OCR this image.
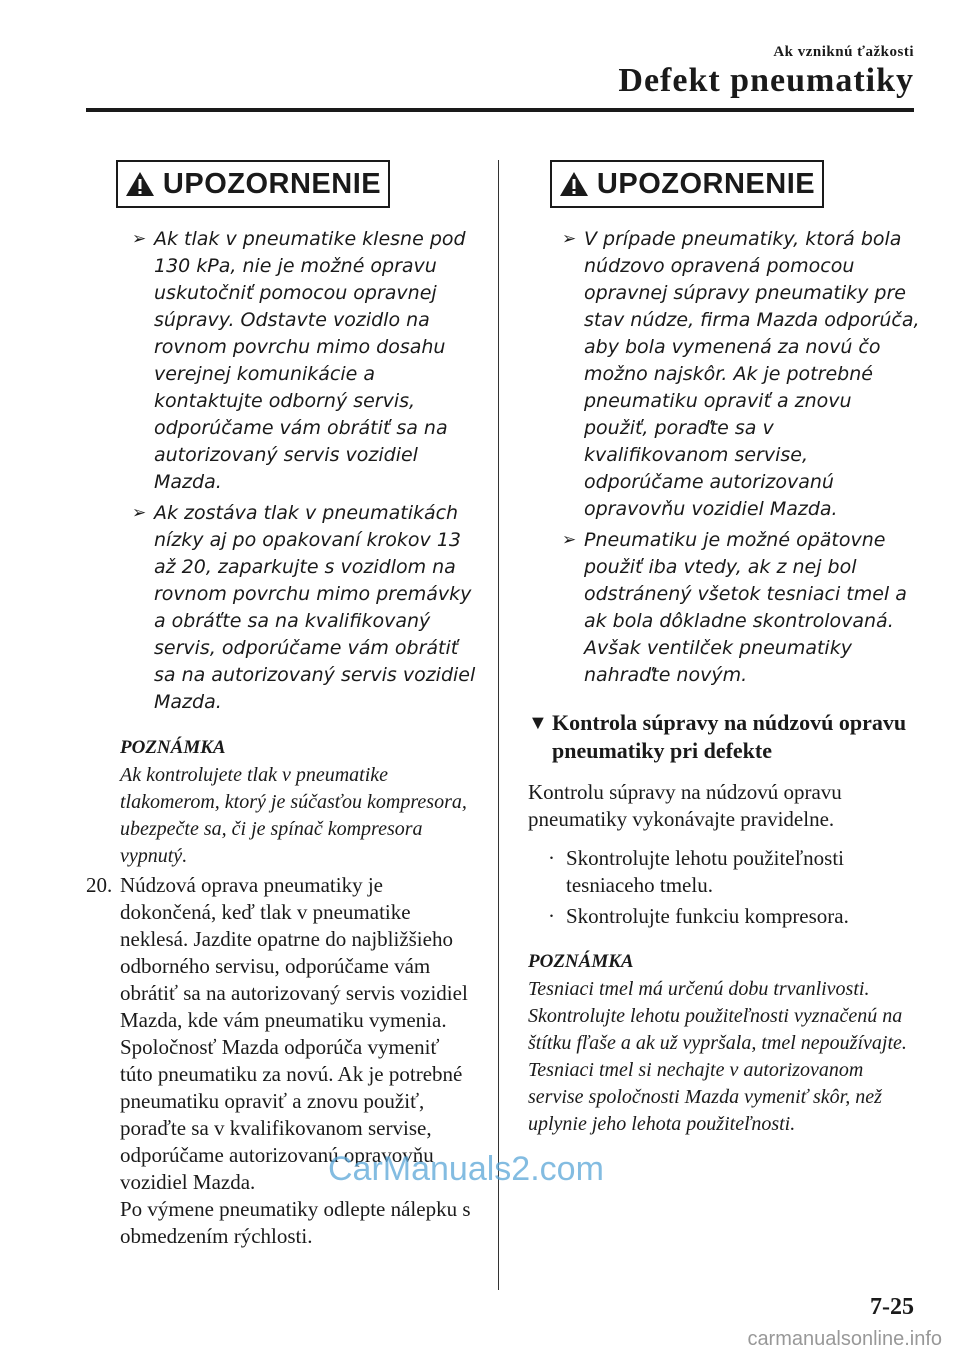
Ak vzniknú ťažkosti
Defekt pneumatiky
UPOZORNENIE
➢ Ak tlak v pneumatike klesne pod 130 kPa, nie je možné opravu uskutočniť pomocou opravnej súpravy. Odstavte vozidlo na rovnom povrchu mimo dosahu verejnej komunikácie a kontaktujte odborný servis, odporúčame vám obrátiť sa na autorizovaný servis vozidiel Mazda.
➢ Ak zostáva tlak v pneumatikách nízky aj po opakovaní krokov 13 až 20, zaparkujte s vozidlom na rovnom povrchu mimo premávky a obráťte sa na kvalifikovaný servis, odporúčame vám obrátiť sa na autorizovaný servis vozidiel Mazda.
POZNÁMKA
Ak kontrolujete tlak v pneumatike tlakomerom, ktorý je súčasťou kompresora, ubezpečte sa, či je spínač kompresora vypnutý.
20. Núdzová oprava pneumatiky je dokončená, keď tlak v pneumatike neklesá. Jazdite opatrne do najbližšieho odborného servisu, odporúčame vám obrátiť sa na autorizovaný servis vozidiel Mazda, kde vám pneumatiku vymenia. Spoločnosť Mazda odporúča vymeniť túto pneumatiku za novú. Ak je potrebné pneumatiku opraviť a znovu použiť, poraďte sa v kvalifikovanom servise, odporúčame autorizovanú opravovňu vozidiel Mazda.
Po výmene pneumatiky odlepte nálepku s obmedzením rýchlosti.
UPOZORNENIE
➢ V prípade pneumatiky, ktorá bola núdzovo opravená pomocou opravnej súpravy pneumatiky pre stav núdze, firma Mazda odporúča, aby bola vymenená za novú čo možno najskôr. Ak je potrebné pneumatiku opraviť a znovu použiť, poraďte sa v kvalifikovanom servise, odporúčame autorizovanú opravovňu vozidiel Mazda.
➢ Pneumatiku je možné opätovne použiť iba vtedy, ak z nej bol odstránený všetok tesniaci tmel a ak bola dôkladne skontrolovaná. Avšak ventilček pneumatiky nahraďte novým.
▼ Kontrola súpravy na núdzovú opravu pneumatiky pri defekte
Kontrolu súpravy na núdzovú opravu pneumatiky vykonávajte pravidelne.
· Skontrolujte lehotu použiteľnosti tesniaceho tmelu.
· Skontrolujte funkciu kompresora.
POZNÁMKA
Tesniaci tmel má určenú dobu trvanlivosti. Skontrolujte lehotu použiteľnosti vyznačenú na štítku fľaše a ak už vypršala, tmel nepoužívajte. Tesniaci tmel si nechajte v autorizovanom servise spoločnosti Mazda vymeniť skôr, než uplynie jeho lehota použiteľnosti.
CarManuals2.com
7-25
carmanualsonline.info
